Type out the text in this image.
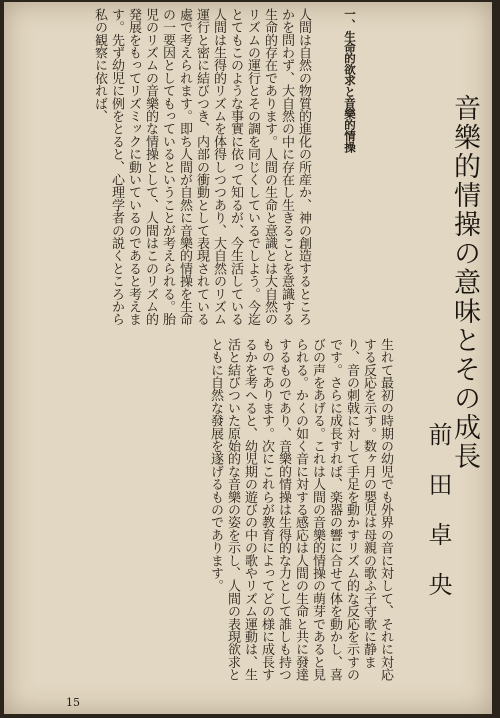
音樂的情操の意味とその成長
前田卓央
一、生命的欲求と音樂的情操
人間は自然の物質的進化の所産か、神の創造するところかを問わず、大自然の中に存在し生きることを意識する生命的存在であります。人間の生命と意識とは大自然のリズムの運行とその調を同じくしているでしよう。今迄とてもこのような事實に依って知るが、今生活している人間は生得的リズムを体得しつつあり、大自然のリズム運行と密に結びつき、内部の衝動として表現されている處で考えられます。即ち人間が自然に音樂的情操を生命の一要因としてもっているということが考えられる。胎児のリズムの音樂的な情操として、人間はこのリズム的発展をもってリズミックに動いているのであると考えます。先ず幼児に例をとると、心理学者の説くところから私の観察に依れば、
生れて最初の時期の幼児でも外界の音に対して、それに対応する反応を示す。数ヶ月の嬰児は母親の歌ふ子守歌に静まり、音の刺戟に対して手足を動かすリズム的な反応を示すのです。さらに成長すれば、楽器の響に合せて体を動かし、喜びの声をあげる。これは人間の音樂的情操の萌芽であると見られる。かくの如く音に対する感応は人間の生命と共に發達するものであり、音樂的情操は生得的な力として誰しも持つものであります。次にこれらが教育によってどの様に成長するかを考へると、幼児期の遊びの中の歌やリズム運動は、生活と結びついた原始的な音樂の姿を示し、人間の表現欲求とともに自然な發展を遂げるものであります。
15
